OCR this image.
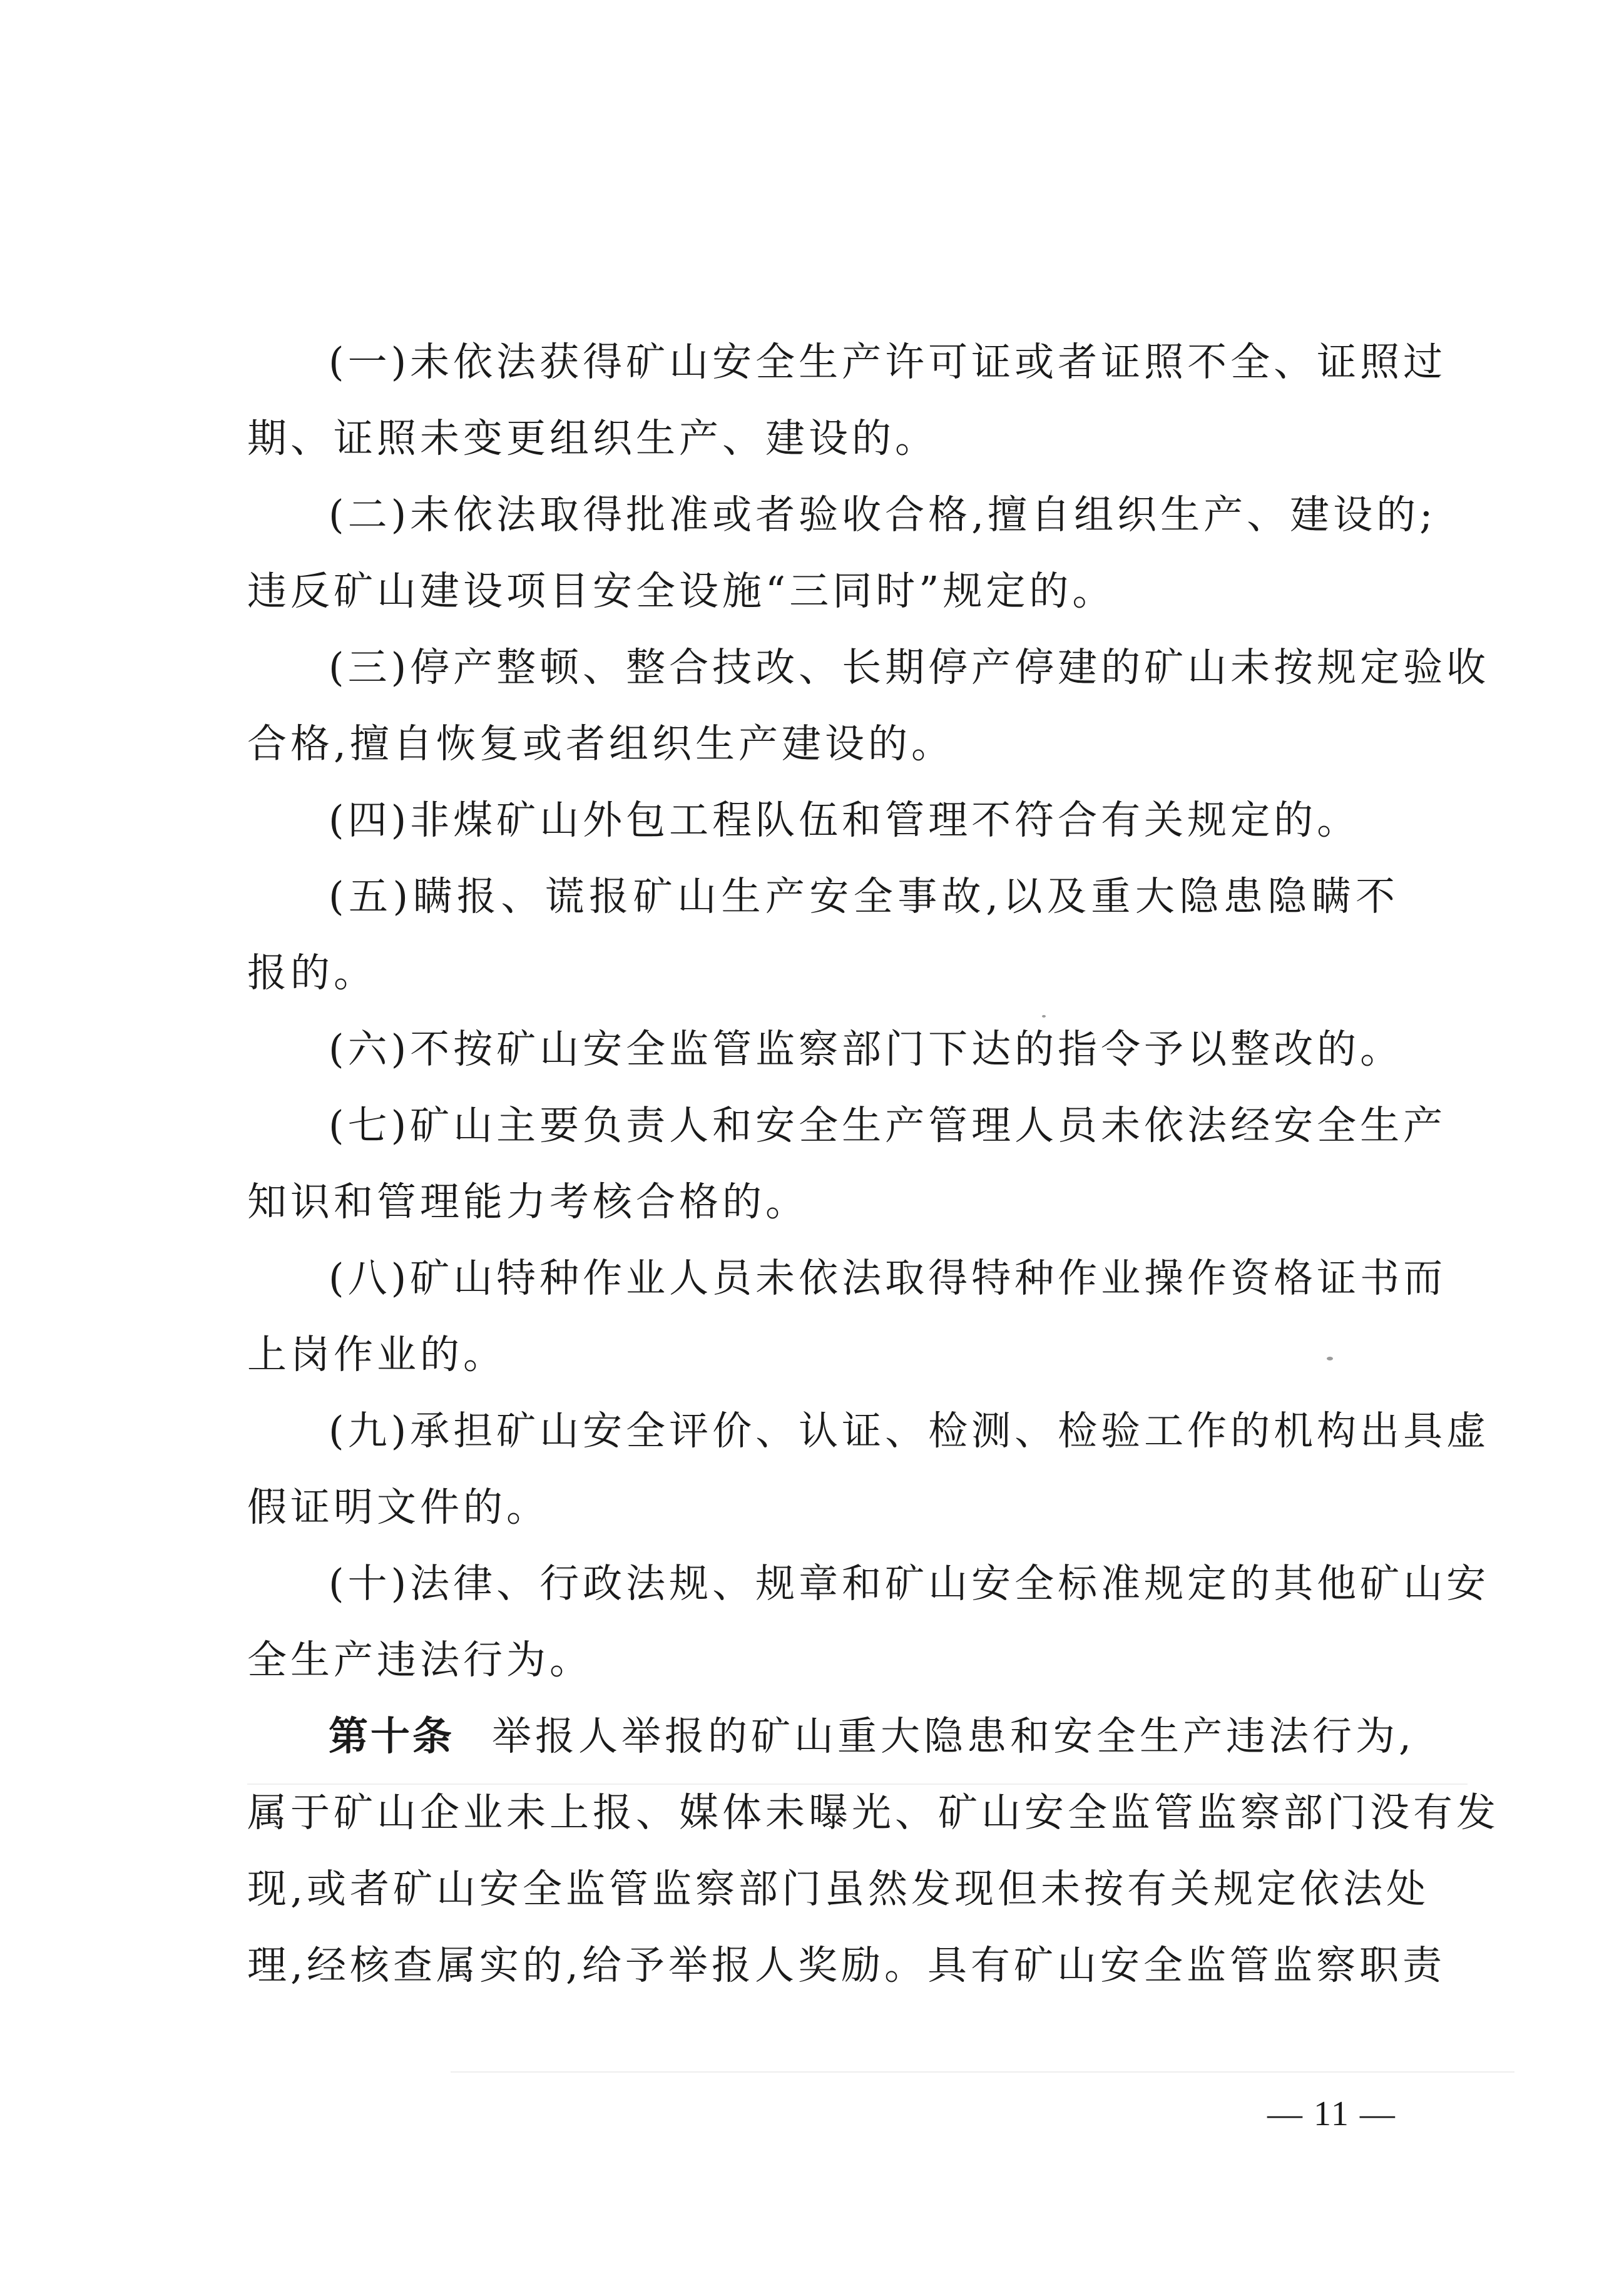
(一)未依法获得矿山安全生产许可证或者证照不全、证照过
期、证照未变更组织生产、建设的。
(二)未依法取得批准或者验收合格,擅自组织生产、建设的;
违反矿山建设项目安全设施“三同时”规定的。
(三)停产整顿、整合技改、长期停产停建的矿山未按规定验收
合格,擅自恢复或者组织生产建设的。
(四)非煤矿山外包工程队伍和管理不符合有关规定的。
(五)瞒报、谎报矿山生产安全事故,以及重大隐患隐瞒不
报的。
(六)不按矿山安全监管监察部门下达的指令予以整改的。
(七)矿山主要负责人和安全生产管理人员未依法经安全生产
知识和管理能力考核合格的。
(八)矿山特种作业人员未依法取得特种作业操作资格证书而
上岗作业的。
(九)承担矿山安全评价、认证、检测、检验工作的机构出具虚
假证明文件的。
(十)法律、行政法规、规章和矿山安全标准规定的其他矿山安
全生产违法行为。
第十条 举报人举报的矿山重大隐患和安全生产违法行为,
属于矿山企业未上报、媒体未曝光、矿山安全监管监察部门没有发
现,或者矿山安全监管监察部门虽然发现但未按有关规定依法处
理,经核查属实的,给予举报人奖励。具有矿山安全监管监察职责
— 11 —
